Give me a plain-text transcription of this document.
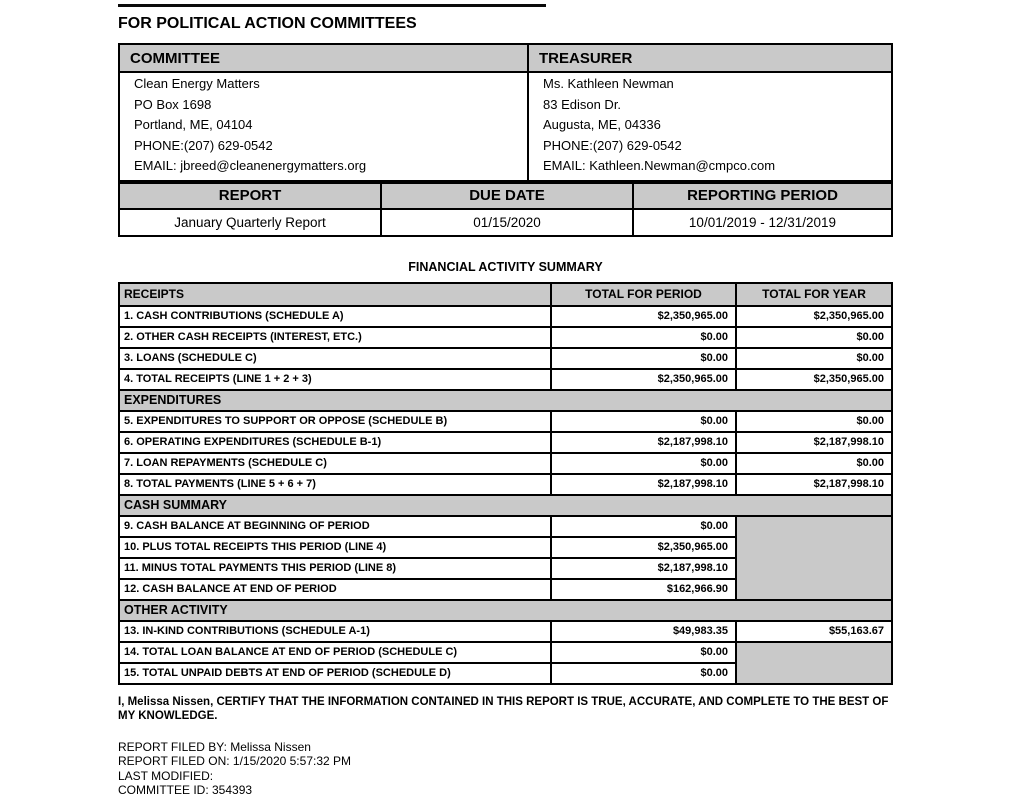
FOR POLITICAL ACTION COMMITTEES
COMMITTEE	TREASURER

Clean Energy Matters
PO Box 1698
Portland, ME, 04104
PHONE:(207) 629-0542
EMAIL: jbreed@cleanenergymatters.org

Ms. Kathleen Newman
83 Edison Dr.
Augusta, ME, 04336
PHONE:(207) 629-0542
EMAIL: Kathleen.Newman@cmpco.com
REPORT	DUE DATE	REPORTING PERIOD
January Quarterly Report	01/15/2020	10/01/2019 - 12/31/2019
FINANCIAL ACTIVITY SUMMARY
RECEIPTS	TOTAL FOR PERIOD	TOTAL FOR YEAR
1. CASH CONTRIBUTIONS (SCHEDULE A)	$2,350,965.00	$2,350,965.00
2. OTHER CASH RECEIPTS (INTEREST, ETC.)	$0.00	$0.00
3. LOANS (SCHEDULE C)	$0.00	$0.00
4. TOTAL RECEIPTS (LINE 1 + 2 + 3)	$2,350,965.00	$2,350,965.00
EXPENDITURES		
5. EXPENDITURES TO SUPPORT OR OPPOSE (SCHEDULE B)	$0.00	$0.00
6. OPERATING EXPENDITURES (SCHEDULE B-1)	$2,187,998.10	$2,187,998.10
7. LOAN REPAYMENTS (SCHEDULE C)	$0.00	$0.00
8. TOTAL PAYMENTS (LINE 5 + 6 + 7)	$2,187,998.10	$2,187,998.10
CASH SUMMARY		
9. CASH BALANCE AT BEGINNING OF PERIOD	$0.00	
10. PLUS TOTAL RECEIPTS THIS PERIOD (LINE 4)	$2,350,965.00	
11. MINUS TOTAL PAYMENTS THIS PERIOD (LINE 8)	$2,187,998.10	
12. CASH BALANCE AT END OF PERIOD	$162,966.90	
OTHER ACTIVITY		
13. IN-KIND CONTRIBUTIONS (SCHEDULE A-1)	$49,983.35	$55,163.67
14. TOTAL LOAN BALANCE AT END OF PERIOD (SCHEDULE C)	$0.00	
15. TOTAL UNPAID DEBTS AT END OF PERIOD (SCHEDULE D)	$0.00	

I, Melissa Nissen, CERTIFY THAT THE INFORMATION CONTAINED IN THIS REPORT IS TRUE, ACCURATE, AND COMPLETE TO THE BEST OF MY KNOWLEDGE.

REPORT FILED BY: Melissa Nissen
REPORT FILED ON: 1/15/2020 5:57:32 PM
LAST MODIFIED:
COMMITTEE ID: 354393
